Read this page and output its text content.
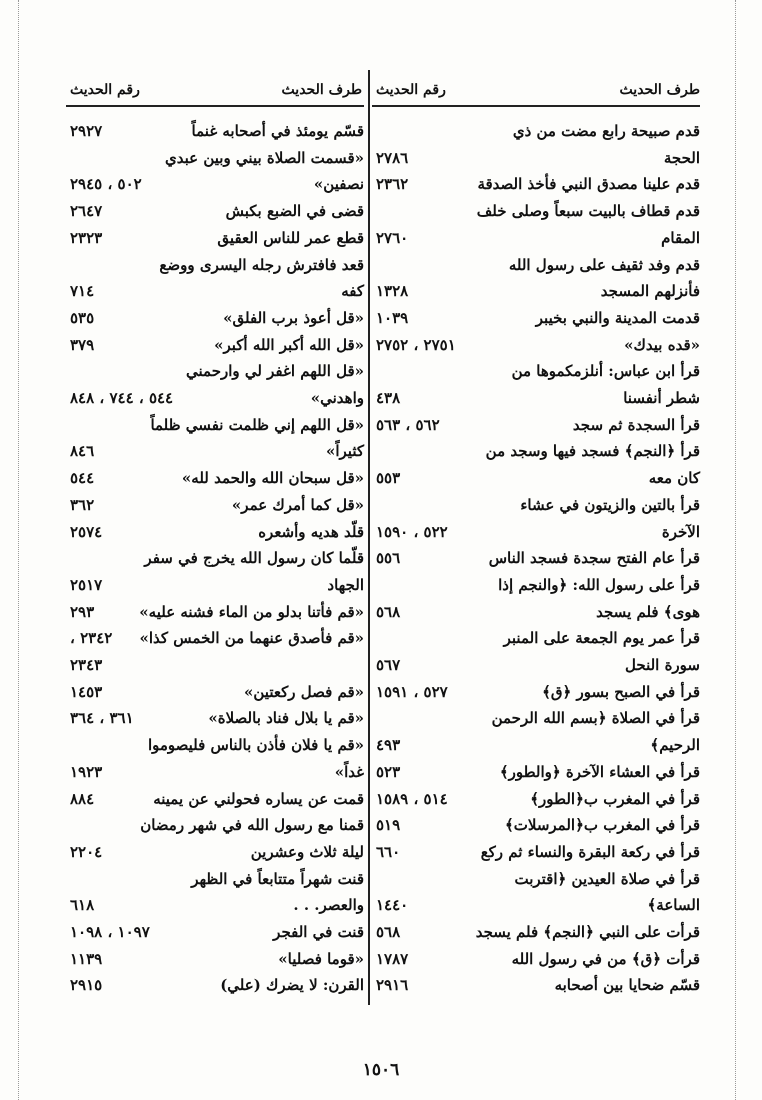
طرف الحديث
رقم الحديث
طرف الحديث
رقم الحديث
قدم صبيحة رابع مضت من ذي
الحجة
٢٧٨٦
قدم علينا مصدق النبي فأخذ الصدقة
٢٣٦٢
قدم قطاف بالبيت سبعاً وصلى خلف
المقام
٢٧٦٠
قدم وفد ثقيف على رسول الله
فأنزلهم المسجد
١٣٢٨
قدمت المدينة والنبي بخيبر
١٠٣٩
«قده بيدك»
٢٧٥١ ، ٢٧٥٢
قرأ ابن عباس: أنلزمكموها من
شطر أنفسنا
٤٣٨
قرأ السجدة ثم سجد
٥٦٢ ، ٥٦٣
قرأ ﴿النجم﴾ فسجد فيها وسجد من
كان معه
٥٥٣
قرأ بالتين والزيتون في عشاء
الآخرة
٥٢٢ ، ١٥٩٠
قرأ عام الفتح سجدة فسجد الناس
٥٥٦
قرأ على رسول الله: ﴿والنجم إذا
هوى﴾ فلم يسجد
٥٦٨
قرأ عمر يوم الجمعة على المنبر
سورة النحل
٥٦٧
قرأ في الصبح بسور ﴿ق﴾
٥٢٧ ، ١٥٩١
قرأ في الصلاة ﴿بسم الله الرحمن
الرحيم﴾
٤٩٣
قرأ في العشاء الآخرة ﴿والطور﴾
٥٢٣
قرأ في المغرب ب﴿الطور﴾
٥١٤ ، ١٥٨٩
قرأ في المغرب ب﴿المرسلات﴾
٥١٩
قرأ في ركعة البقرة والنساء ثم ركع
٦٦٠
قرأ في صلاة العيدين ﴿اقتربت
الساعة﴾
١٤٤٠
قرأت على النبي ﴿النجم﴾ فلم يسجد
٥٦٨
قرأت ﴿ق﴾ من في رسول الله
١٧٨٧
قسّم ضحايا بين أصحابه
٢٩١٦
قسّم يومئذ في أصحابه غنماً
٢٩٢٧
«قسمت الصلاة بيني وبين عبدي
نصفين»
٥٠٢ ، ٢٩٤٥
قضى في الضبع بكبش
٢٦٤٧
قطع عمر للناس العقيق
٢٣٢٣
قعد فافترش رجله اليسرى ووضع
كفه
٧١٤
«قل أعوذ برب الفلق»
٥٣٥
«قل الله أكبر الله أكبر»
٣٧٩
«قل اللهم اغفر لي وارحمني
واهدني»
٥٤٤ ، ٧٤٤ ، ٨٤٨
«قل اللهم إني ظلمت نفسي ظلماً
كثيراً»
٨٤٦
«قل سبحان الله والحمد لله»
٥٤٤
«قل كما أمرك عمر»
٣٦٢
قلّد هديه وأشعره
٢٥٧٤
قلّما كان رسول الله يخرج في سفر
الجهاد
٢٥١٧
«قم فأتنا بدلو من الماء فشنه عليه»
٢٩٣
«قم فأصدق عنهما من الخمس كذا»
٢٣٤٢ ،
٢٣٤٣
«قم فصل ركعتين»
١٤٥٣
«قم يا بلال فناد بالصلاة»
٣٦١ ، ٣٦٤
«قم يا فلان فأذن بالناس فليصوموا
غداً»
١٩٢٣
قمت عن يساره فحولني عن يمينه
٨٨٤
قمنا مع رسول الله في شهر رمضان
ليلة ثلاث وعشرين
٢٢٠٤
قنت شهراً متتابعاً في الظهر
والعصر. . .
٦١٨
قنت في الفجر
١٠٩٧ ، ١٠٩٨
«قوما فصليا»
١١٣٩
القرن: لا يضرك (علي)
٢٩١٥
١٥٠٦
